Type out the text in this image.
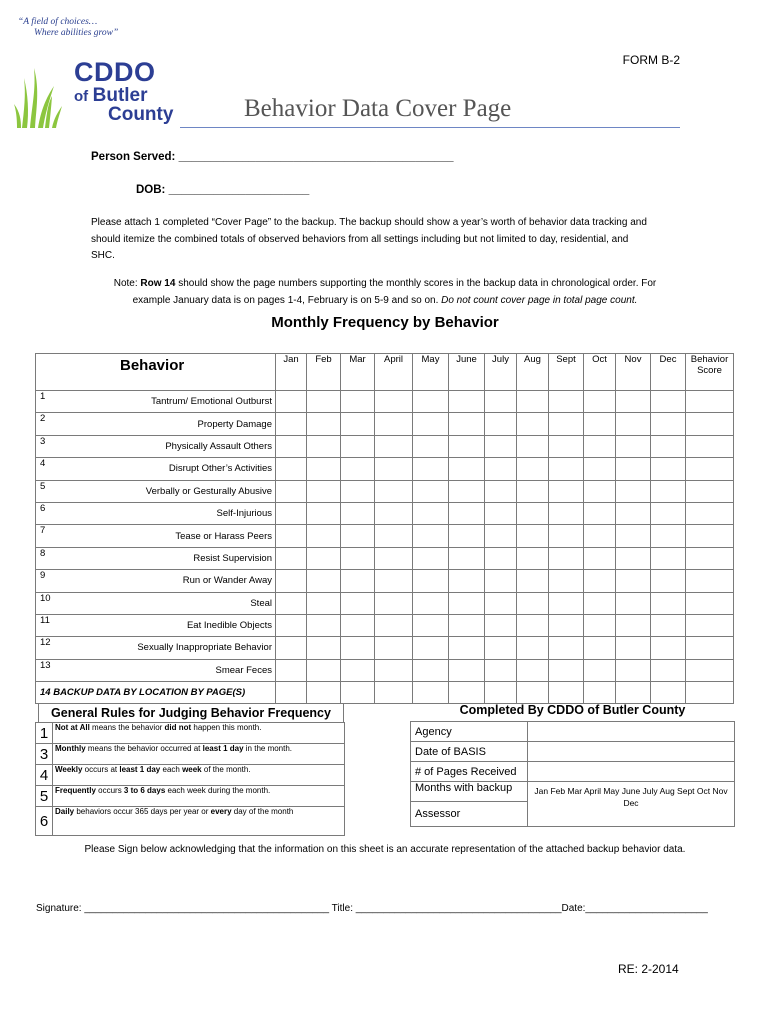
“A field of choices…
Where abilities grow”
CDDO
of Butler
County
FORM B-2
Behavior Data Cover Page
Person Served: ___________________________________________
DOB: ______________________
Please attach 1 completed “Cover Page” to the backup. The backup should show a year’s worth of behavior data tracking and
should itemize the combined totals of observed behaviors from all settings including but not limited to day, residential, and
SHC.
Note: Row 14 should show the page numbers supporting the monthly scores in the backup data in chronological order. For
example January data is on pages 1-4, February is on 5-9 and so on. Do not count cover page in total page count.
Monthly Frequency by Behavior
Behavior		Jan	Feb	Mar	April	May	June	July	Aug	Sept	Oct	Nov	Dec	Behavior
Score

1	Tantrum/ Emotional Outburst													
2	Property Damage													
3	Physically Assault Others													
4	Disrupt Other’s Activities													
5	Verbally or Gesturally Abusive													
6	Self-Injurious													
7	Tease or Harass Peers													
8	Resist Supervision													
9	Run or Wander Away													
10	Steal													
11	Eat Inedible Objects													
12	Sexually Inappropriate Behavior													
13	Smear Feces													
14 BACKUP DATA BY LOCATION BY PAGE(S)														
General Rules for Judging Behavior Frequency
1	Not at All means the behavior did not happen this month.
3	Monthly means the behavior occurred at least 1 day in the month.
4	Weekly occurs at least 1 day each week of the month.
5	Frequently occurs 3 to 6 days each week during the month.
6	Daily behaviors occur 365 days per year or every day of the month
Completed By CDDO of Butler County
Agency	
Date of BASIS	
# of Pages Received	
Months with backup	Jan Feb Mar April May June July Aug Sept Oct Nov Dec
Assessor	
Please Sign below acknowledging that the information on this sheet is an accurate representation of the attached backup behavior data.
Signature: ____________________________________________ Title: _____________________________________Date:______________________
RE: 2-2014
